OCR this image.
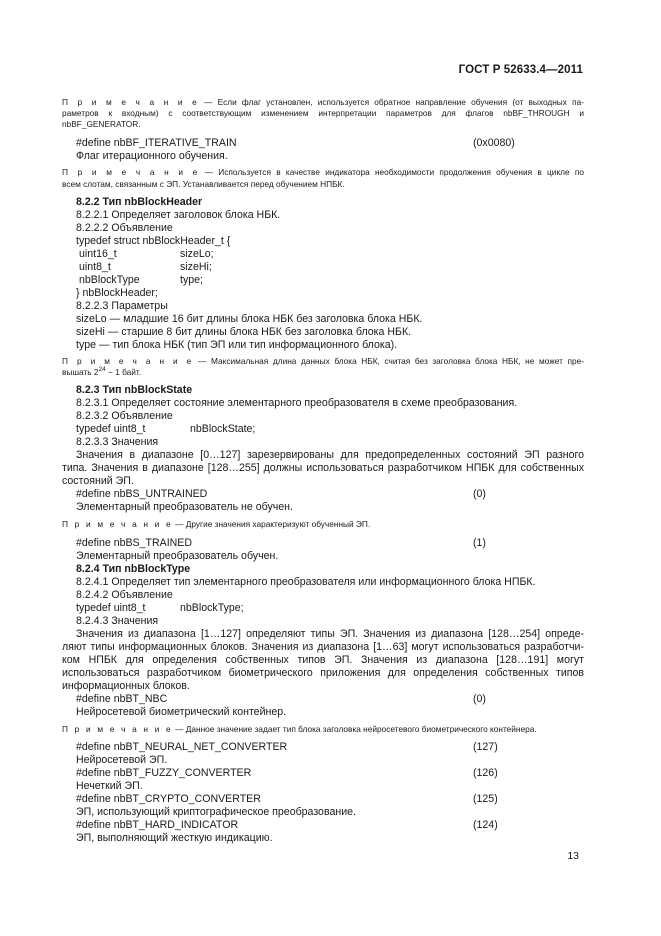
ГОСТ Р 52633.4—2011
П р и м е ч а н и е — Если флаг установлен, используется обратное направление обучения (от выходных па-
раметров к входным) с соответствующим изменением интерпретации параметров для флагов nbBF_THROUGH и
nbBF_GENERATOR.
#define nbBF_ITERATIVE_TRAIN	(0x0080)
Флаг итерационного обучения.
П р и м е ч а н и е — Используется в качестве индикатора необходимости продолжения обучения в цикле по
всем слотам, связанным с ЭП. Устанавливается перед обучением НПБК.
8.2.2 Тип nbBlockHeader
8.2.2.1 Определяет заголовок блока НБК.
8.2.2.2 Объявление
typedef struct nbBlockHeader_t {
uint16_t	sizeLo;
uint8_t	sizeHi;
nbBlockType	type;
} nbBlockHeader;
8.2.2.3 Параметры
sizeLo — младшие 16 бит длины блока НБК без заголовка блока НБК.
sizeHi — старшие 8 бит длины блока НБК без заголовка блока НБК.
type — тип блока НБК (тип ЭП или тип информационного блока).
П р и м е ч а н и е — Максимальная длина данных блока НБК, считая без заголовка блока НБК, не может пре-
вышать $2^{24} - 1$ байт.
8.2.3 Тип nbBlockState
8.2.3.1 Определяет состояние элементарного преобразователя в схеме преобразования.
8.2.3.2 Объявление
typedef uint8_t	nbBlockState;
8.2.3.3 Значения
Значения в диапазоне [0…127] зарезервированы для предопределенных состояний ЭП разного
типа. Значения в диапазоне [128…255] должны использоваться разработчиком НПБК для собственных
состояний ЭП.
#define nbBS_UNTRAINED	(0)
Элементарный преобразователь не обучен.
П р и м е ч а н и е — Другие значения характеризуют обученный ЭП.
#define nbBS_TRAINED	(1)
Элементарный преобразователь обучен.
8.2.4 Тип nbBlockType
8.2.4.1 Определяет тип элементарного преобразователя или информационного блока НПБК.
8.2.4.2 Объявление
typedef uint8_t	nbBlockType;
8.2.4.3 Значения
Значения из диапазона [1…127] определяют типы ЭП. Значения из диапазона [128…254] опреде-
ляют типы информационных блоков. Значения из диапазона [1…63] могут использоваться разработчи-
ком НПБК для определения собственных типов ЭП. Значения из диапазона [128…191] могут
использоваться разработчиком биометрического приложения для определения собственных типов
информационных блоков.
#define nbBT_NBC	(0)
Нейросетевой биометрический контейнер.
П р и м е ч а н и е — Данное значение задает тип блока заголовка нейросетевого биометрического контейнера.
#define nbBT_NEURAL_NET_CONVERTER	(127)
Нейросетевой ЭП.
#define nbBT_FUZZY_CONVERTER	(126)
Нечеткий ЭП.
#define nbBT_CRYPTO_CONVERTER	(125)
ЭП, использующий криптографическое преобразование.
#define nbBT_HARD_INDICATOR	(124)
ЭП, выполняющий жесткую индикацию.
13
